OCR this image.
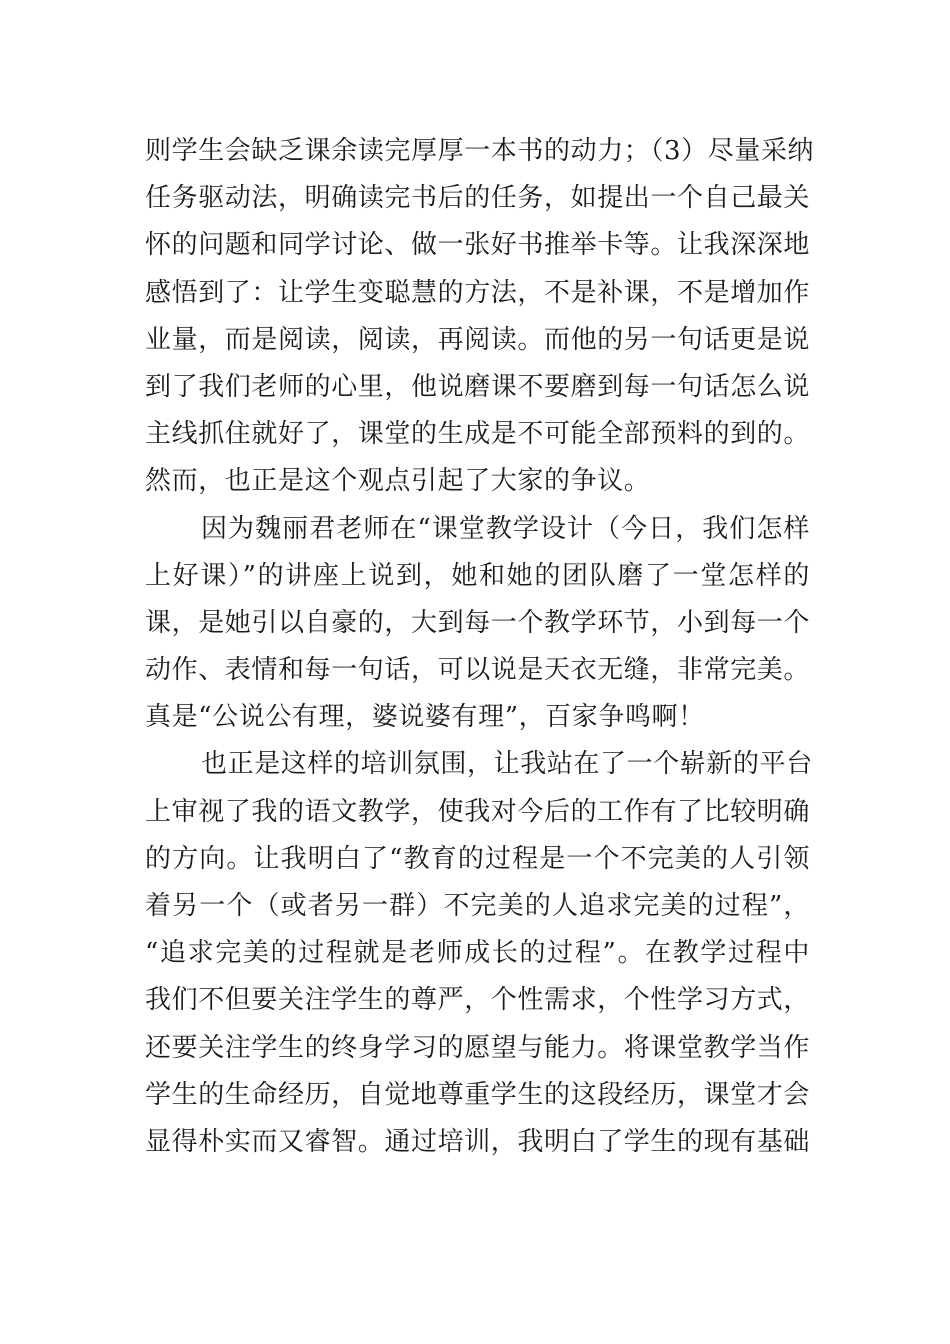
则学生会缺乏课余读完厚厚一本书的动力；（3）尽量采纳
任务驱动法，明确读完书后的任务，如提出一个自己最关
怀的问题和同学讨论、做一张好书推举卡等。让我深深地
感悟到了：让学生变聪慧的方法，不是补课，不是增加作
业量，而是阅读，阅读，再阅读。而他的另一句话更是说
到了我们老师的心里，他说磨课不要磨到每一句话怎么说
主线抓住就好了，课堂的生成是不可能全部预料的到的。
然而，也正是这个观点引起了大家的争议。
因为魏丽君老师在“课堂教学设计（今日，我们怎样
上好课）”的讲座上说到，她和她的团队磨了一堂怎样的
课，是她引以自豪的，大到每一个教学环节，小到每一个
动作、表情和每一句话，可以说是天衣无缝，非常完美。
真是“公说公有理，婆说婆有理”，百家争鸣啊！
也正是这样的培训氛围，让我站在了一个崭新的平台
上审视了我的语文教学，使我对今后的工作有了比较明确
的方向。让我明白了“教育的过程是一个不完美的人引领
着另一个（或者另一群）不完美的人追求完美的过程”，
“追求完美的过程就是老师成长的过程”。在教学过程中
我们不但要关注学生的尊严，个性需求，个性学习方式，
还要关注学生的终身学习的愿望与能力。将课堂教学当作
学生的生命经历，自觉地尊重学生的这段经历，课堂才会
显得朴实而又睿智。通过培训，我明白了学生的现有基础
